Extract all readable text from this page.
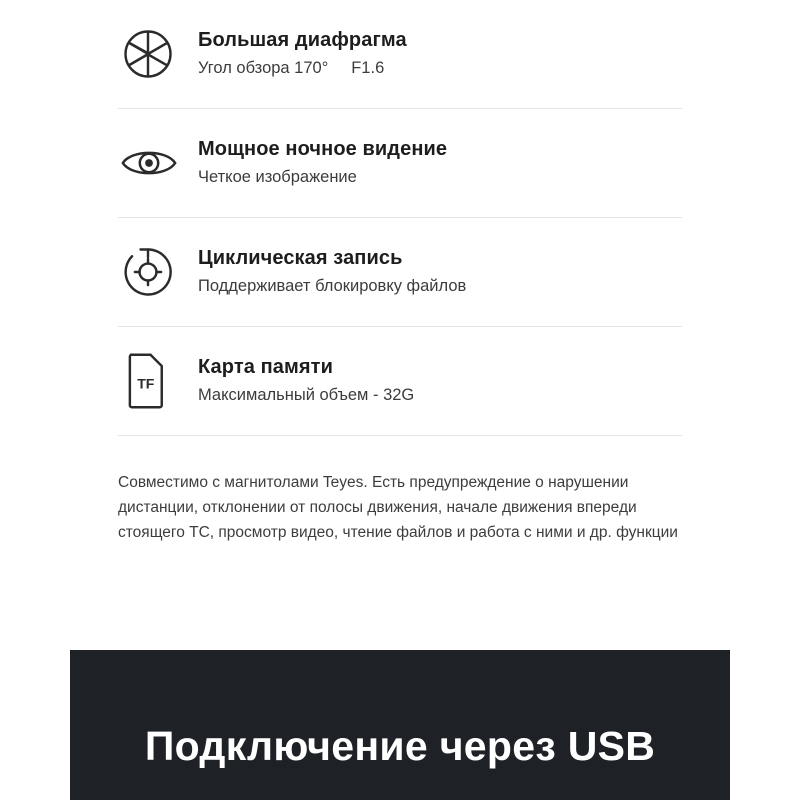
Большая диафрагма
Угол обзора 170°     F1.6
Мощное ночное видение
Четкое изображение
Циклическая запись
Поддерживает блокировку файлов
TF
Карта памяти
Максимальный объем - 32G
Совместимо с магнитолами Teyes. Есть предупреждение о нарушении дистанции, отклонении от полосы движения, начале движения впереди стоящего ТС, просмотр видео, чтение файлов и работа с ними и др. функции
Подключение через USB
